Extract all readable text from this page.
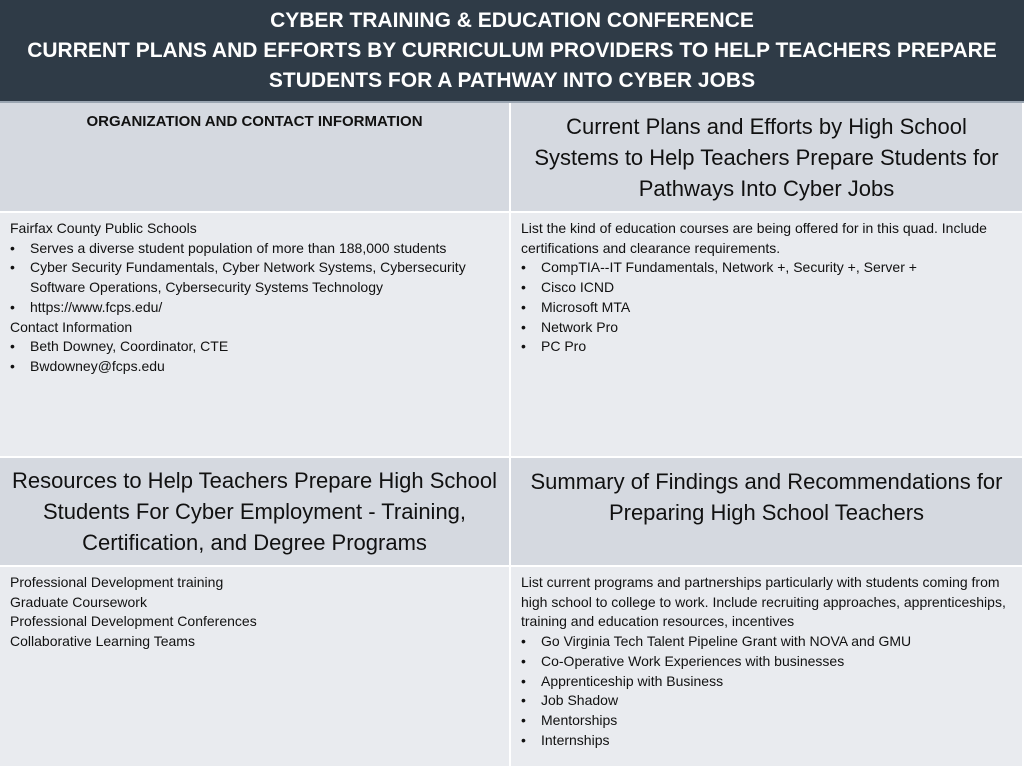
CYBER TRAINING & EDUCATION CONFERENCE
CURRENT PLANS AND EFFORTS BY CURRICULUM PROVIDERS TO HELP TEACHERS PREPARE
STUDENTS FOR A PATHWAY INTO CYBER JOBS
ORGANIZATION AND CONTACT INFORMATION	Current Plans and Efforts by High School Systems to Help Teachers Prepare Students for Pathways Into Cyber Jobs
Fairfax County Public Schools
• Serves a diverse student population of more than 188,000 students
• Cyber Security Fundamentals, Cyber Network Systems, Cybersecurity Software Operations, Cybersecurity Systems Technology
• https://www.fcps.edu/
Contact Information
• Beth Downey, Coordinator, CTE
• Bwdowney@fcps.edu
List the kind of education courses are being offered for in this quad. Include certifications and clearance requirements.
• CompTIA--IT Fundamentals, Network +, Security +, Server +
• Cisco ICND
• Microsoft MTA
• Network Pro
• PC Pro
Resources to Help Teachers Prepare High School Students For Cyber Employment - Training, Certification, and Degree Programs
Summary of Findings and Recommendations for Preparing High School Teachers
Professional Development training
Graduate Coursework
Professional Development Conferences
Collaborative Learning Teams
List current programs and partnerships particularly with students coming from high school to college to work. Include recruiting approaches, apprenticeships, training and education resources, incentives
• Go Virginia Tech Talent Pipeline Grant with NOVA and GMU
• Co-Operative Work Experiences with businesses
• Apprenticeship with Business
• Job Shadow
• Mentorships
• Internships
